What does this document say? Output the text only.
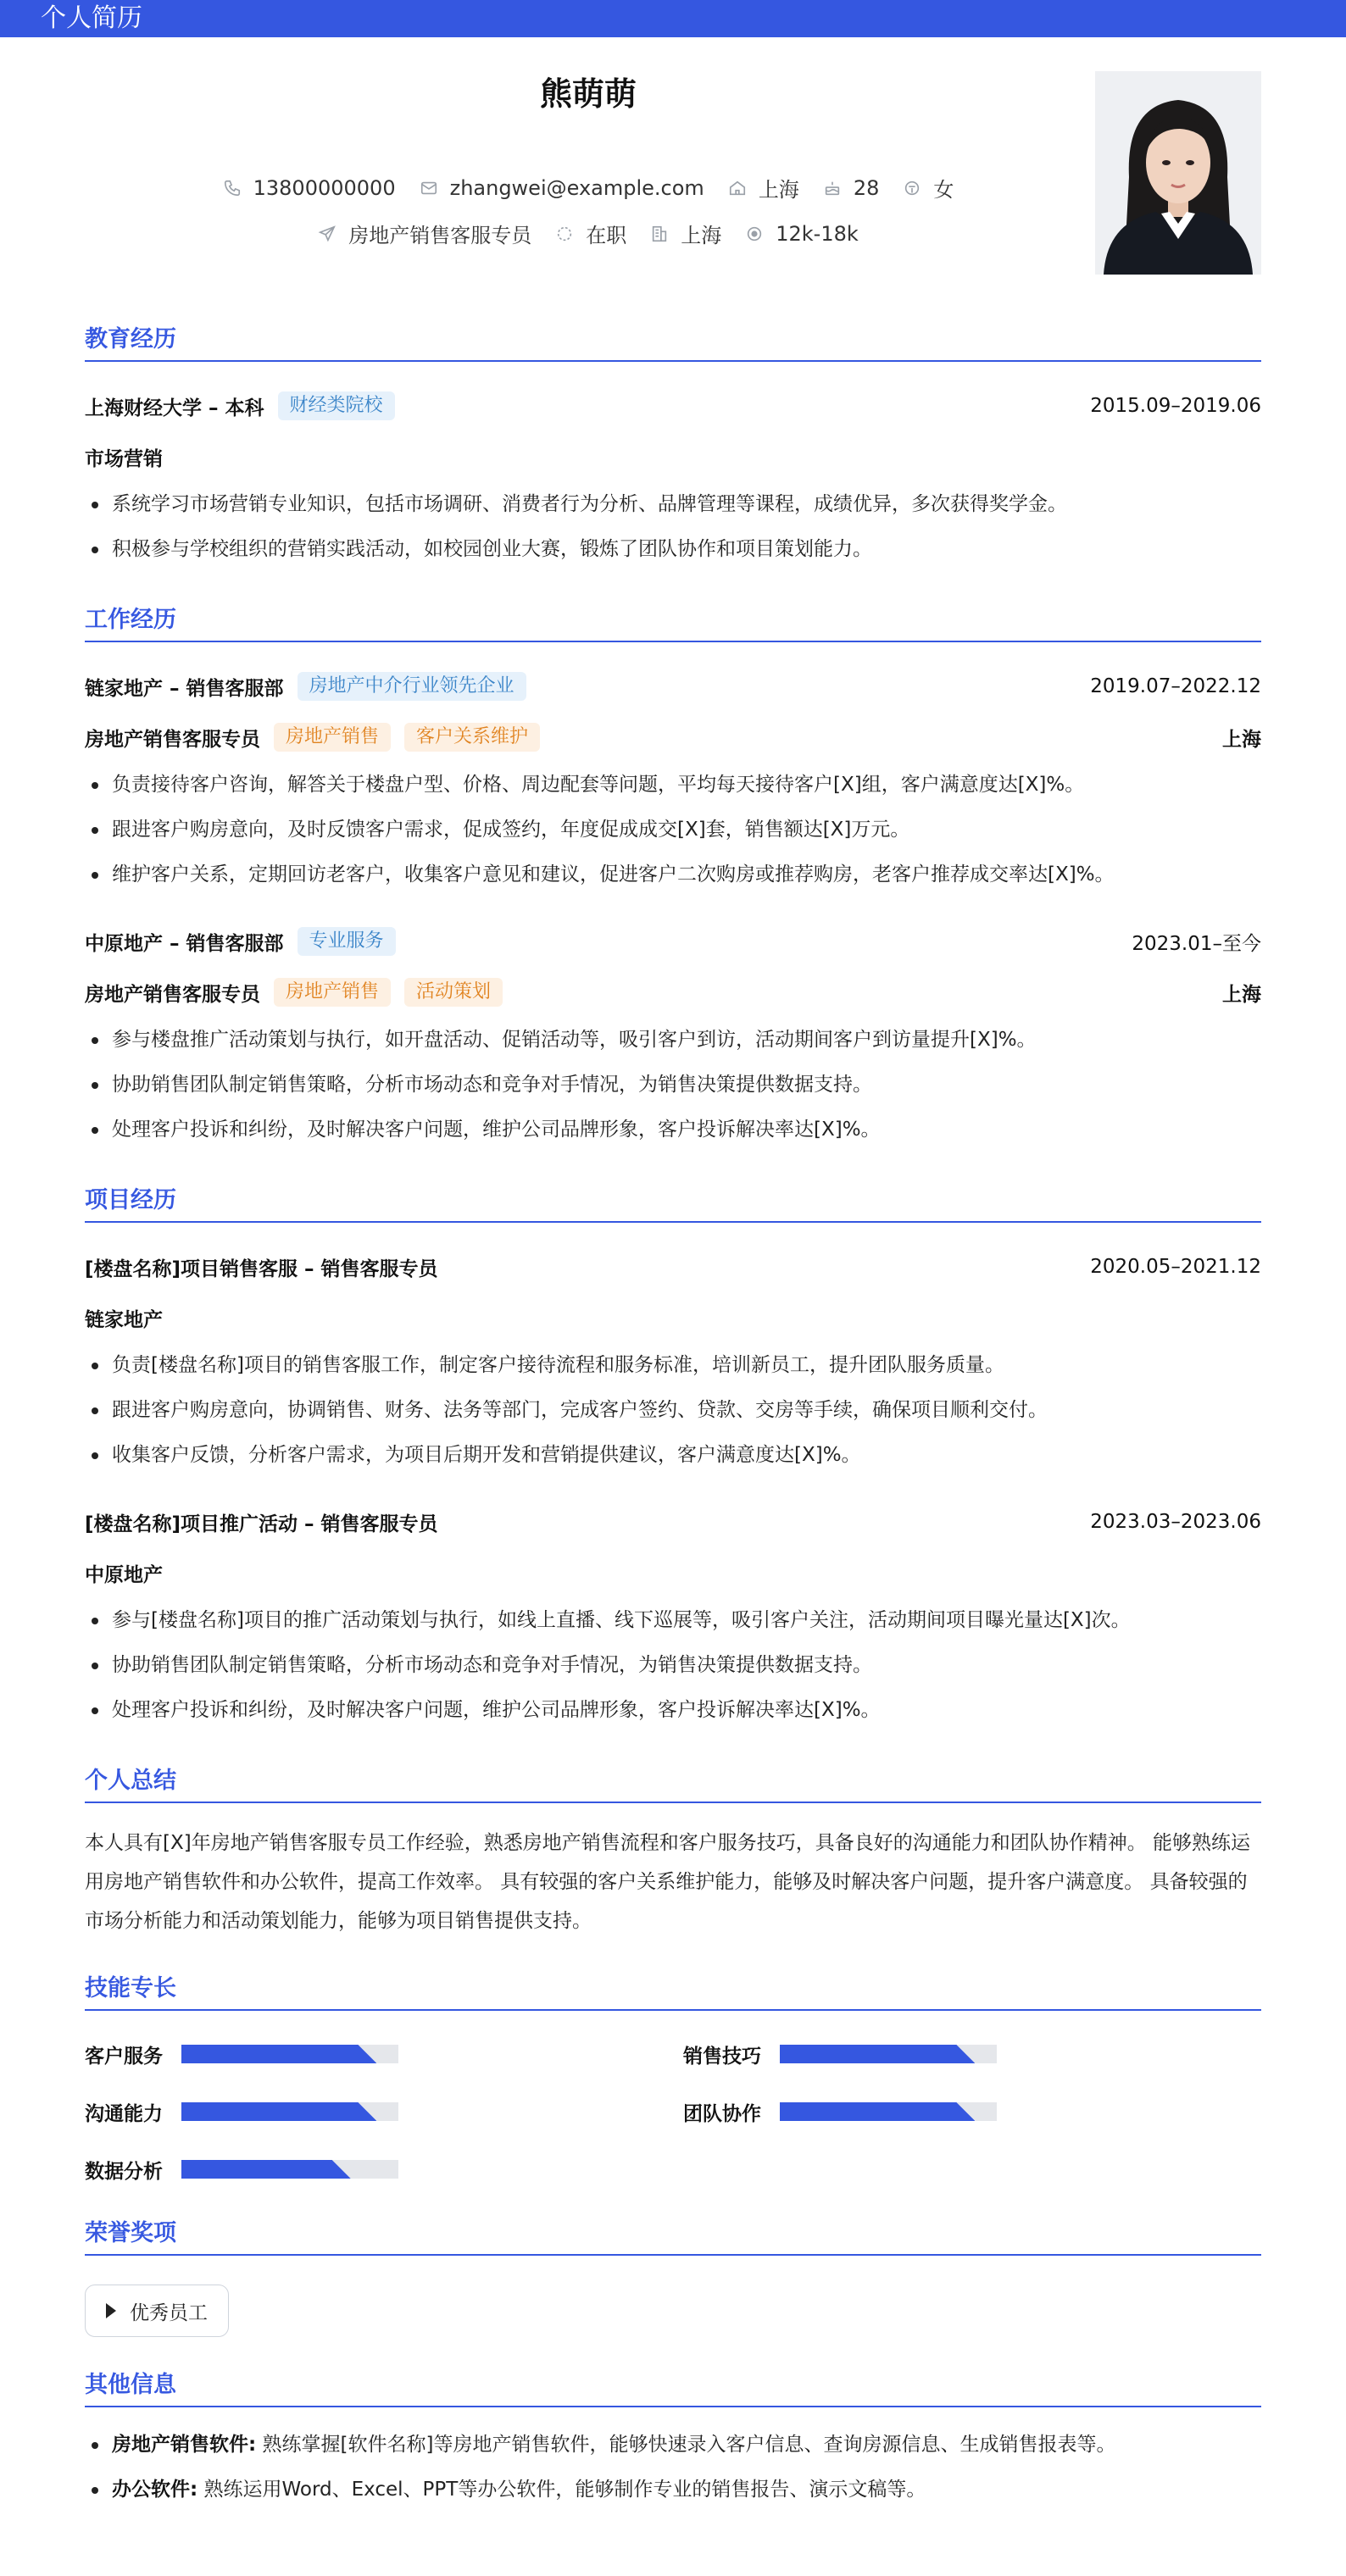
个人简历
熊萌萌
13800000000	zhangwei@example.com	上海	28	女
房地产销售客服专员	在职	上海	12k-18k
教育经历
上海财经大学 – 本科	财经类院校	2015.09–2019.06
市场营销
系统学习市场营销专业知识，包括市场调研、消费者行为分析、品牌管理等课程，成绩优异，多次获得奖学金。
积极参与学校组织的营销实践活动，如校园创业大赛，锻炼了团队协作和项目策划能力。
工作经历
链家地产 – 销售客服部	房地产中介行业领先企业	2019.07–2022.12
房地产销售客服专员	房地产销售	客户关系维护	上海
负责接待客户咨询，解答关于楼盘户型、价格、周边配套等问题，平均每天接待客户[X]组，客户满意度达[X]%。
跟进客户购房意向，及时反馈客户需求，促成签约，年度促成成交[X]套，销售额达[X]万元。
维护客户关系，定期回访老客户，收集客户意见和建议，促进客户二次购房或推荐购房，老客户推荐成交率达[X]%。
中原地产 – 销售客服部	专业服务	2023.01–至今
房地产销售客服专员	房地产销售	活动策划	上海
参与楼盘推广活动策划与执行，如开盘活动、促销活动等，吸引客户到访，活动期间客户到访量提升[X]%。
协助销售团队制定销售策略，分析市场动态和竞争对手情况，为销售决策提供数据支持。
处理客户投诉和纠纷，及时解决客户问题，维护公司品牌形象，客户投诉解决率达[X]%。
项目经历
[楼盘名称]项目销售客服 – 销售客服专员	2020.05–2021.12
链家地产
负责[楼盘名称]项目的销售客服工作，制定客户接待流程和服务标准，培训新员工，提升团队服务质量。
跟进客户购房意向，协调销售、财务、法务等部门，完成客户签约、贷款、交房等手续，确保项目顺利交付。
收集客户反馈，分析客户需求，为项目后期开发和营销提供建议，客户满意度达[X]%。
[楼盘名称]项目推广活动 – 销售客服专员	2023.03–2023.06
中原地产
参与[楼盘名称]项目的推广活动策划与执行，如线上直播、线下巡展等，吸引客户关注，活动期间项目曝光量达[X]次。
协助销售团队制定销售策略，分析市场动态和竞争对手情况，为销售决策提供数据支持。
处理客户投诉和纠纷，及时解决客户问题，维护公司品牌形象，客户投诉解决率达[X]%。
个人总结

本人具有[X]年房地产销售客服专员工作经验，熟悉房地产销售流程和客户服务技巧，具备良好的沟通能力和团队协作精神。 能够熟练运用房地产销售软件和办公软件，提高工作效率。 具有较强的客户关系维护能力，能够及时解决客户问题，提升客户满意度。 具备较强的市场分析能力和活动策划能力，能够为项目销售提供支持。

技能专长
客户服务	销售技巧
沟通能力	团队协作
数据分析
荣誉奖项
优秀员工
其他信息
房地产销售软件: 熟练掌握[软件名称]等房地产销售软件，能够快速录入客户信息、查询房源信息、生成销售报表等。
办公软件: 熟练运用Word、Excel、PPT等办公软件，能够制作专业的销售报告、演示文稿等。
